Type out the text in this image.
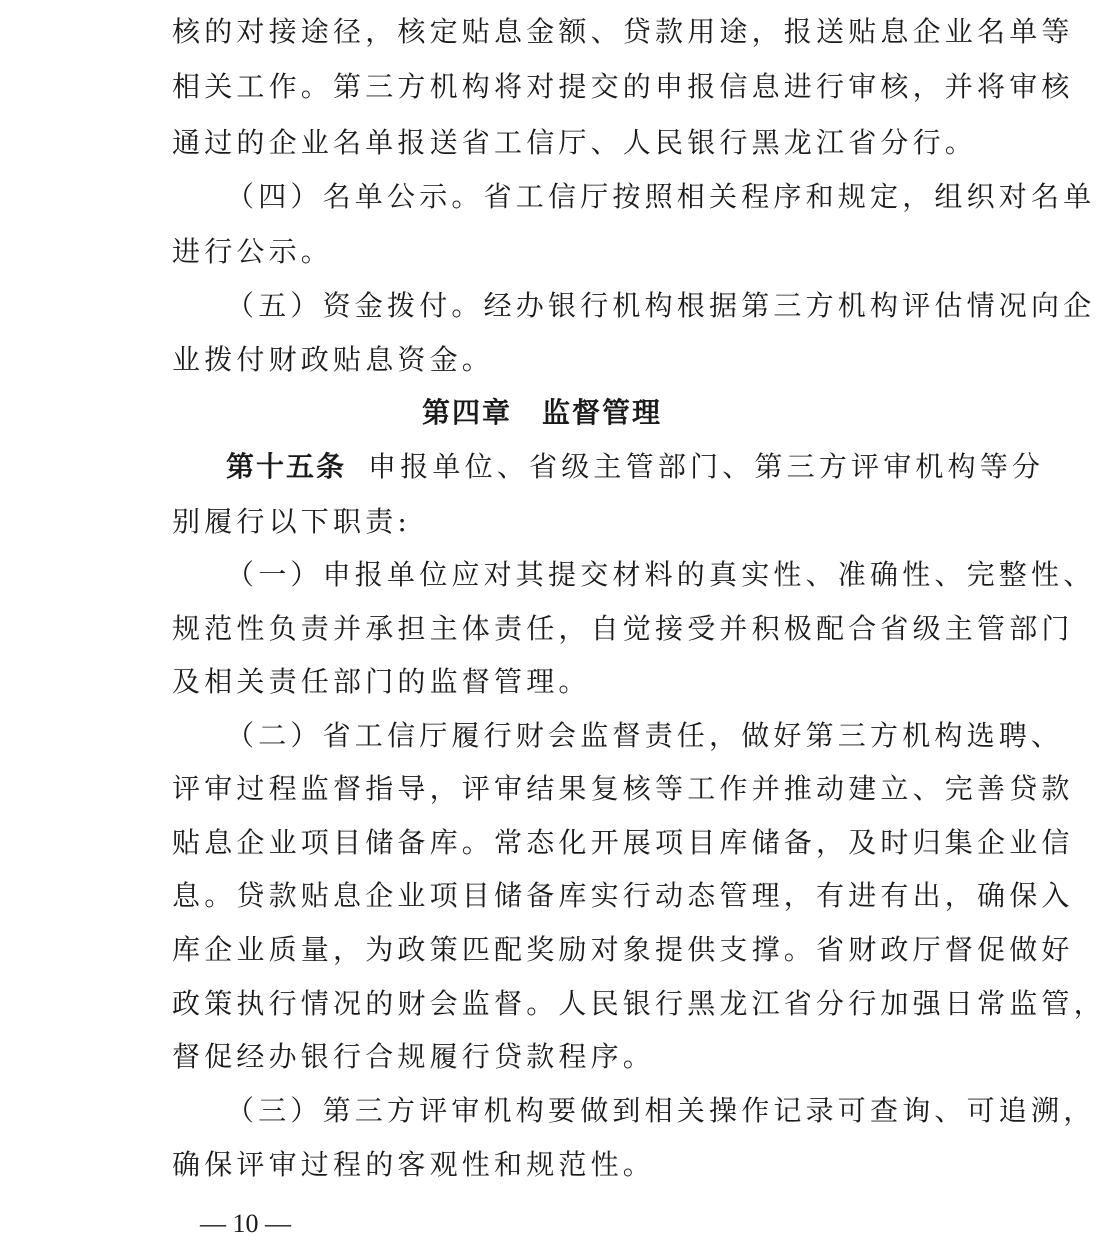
核的对接途径，核定贴息金额、贷款用途，报送贴息企业名单等
相关工作。第三方机构将对提交的申报信息进行审核，并将审核
通过的企业名单报送省工信厅、人民银行黑龙江省分行。
（四）名单公示。省工信厅按照相关程序和规定，组织对名单
进行公示。
（五）资金拨付。经办银行机构根据第三方机构评估情况向企
业拨付财政贴息资金。
第四章　监督管理
第十五条 申报单位、省级主管部门、第三方评审机构等分
别履行以下职责:
（一）申报单位应对其提交材料的真实性、准确性、完整性、
规范性负责并承担主体责任，自觉接受并积极配合省级主管部门
及相关责任部门的监督管理。
（二）省工信厅履行财会监督责任，做好第三方机构选聘、
评审过程监督指导，评审结果复核等工作并推动建立、完善贷款
贴息企业项目储备库。常态化开展项目库储备，及时归集企业信
息。贷款贴息企业项目储备库实行动态管理，有进有出，确保入
库企业质量，为政策匹配奖励对象提供支撑。省财政厅督促做好
政策执行情况的财会监督。人民银行黑龙江省分行加强日常监管，
督促经办银行合规履行贷款程序。
（三）第三方评审机构要做到相关操作记录可查询、可追溯，
确保评审过程的客观性和规范性。
— 10 —
